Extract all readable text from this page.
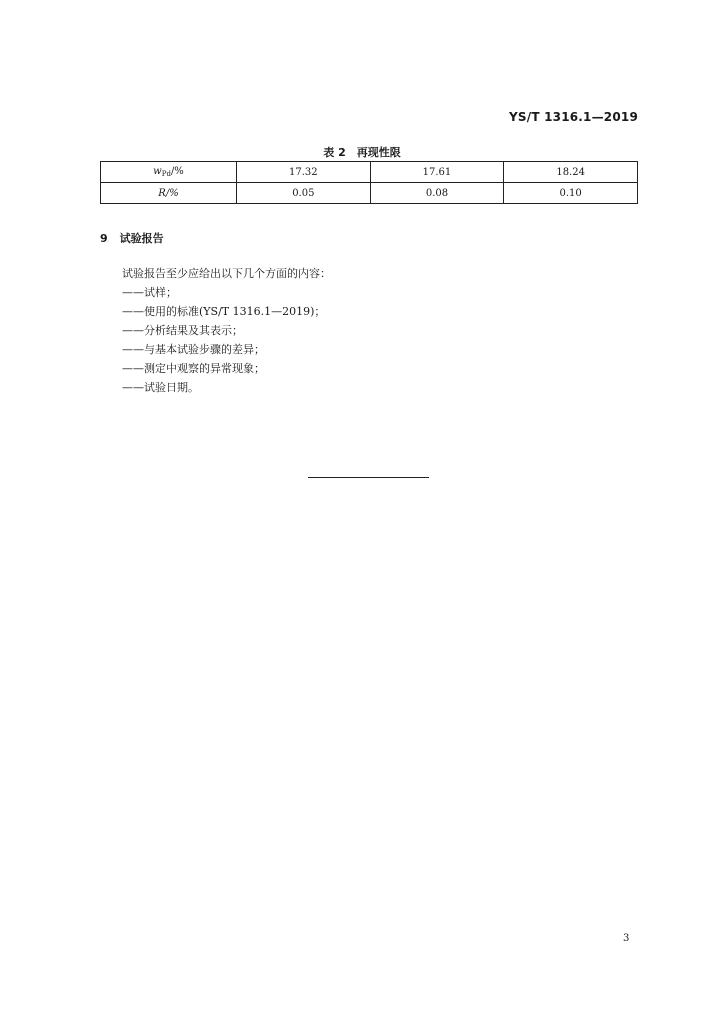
YS/T 1316.1—2019
表 2　再现性限
$w_{Pd}/\%$	17.32	17.61	18.24
R/%	0.05	0.08	0.10
9 试验报告
试验报告至少应给出以下几个方面的内容：
——试样；
——使用的标准(YS/T 1316.1—2019)；
——分析结果及其表示；
——与基本试验步骤的差异；
——测定中观察的异常现象；
——试验日期。
3
